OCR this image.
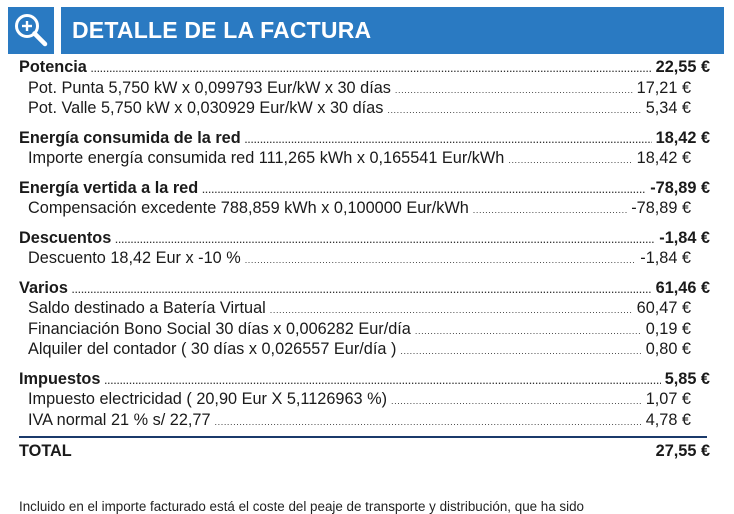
DETALLE DE LA FACTURA
Potencia .....	22,55 €
Pot. Punta 5,750 kW x 0,099793 Eur/kW x 30 días .....	17,21 €
Pot. Valle 5,750 kW x 0,030929 Eur/kW x 30 días .....	5,34 €
Energía consumida de la red .....	18,42 €
Importe energía consumida red 111,265 kWh x 0,165541 Eur/kWh .....	18,42 €
Energía vertida a la red .....	-78,89 €
Compensación excedente 788,859 kWh x 0,100000 Eur/kWh .....	-78,89 €
Descuentos .....	-1,84 €
Descuento 18,42 Eur x -10 % .....	-1,84 €
Varios .....	61,46 €
Saldo destinado a Batería Virtual .....	60,47 €
Financiación Bono Social 30 días x 0,006282 Eur/día .....	0,19 €
Alquiler del contador ( 30 días x 0,026557 Eur/día ) .....	0,80 €
Impuestos .....	5,85 €
Impuesto electricidad ( 20,90 Eur X 5,1126963 %) .....	1,07 €
IVA normal 21 % s/ 22,77 .....	4,78 €
TOTAL	27,55 €
Incluido en el importe facturado está el coste del peaje de transporte y distribución, que ha sido
